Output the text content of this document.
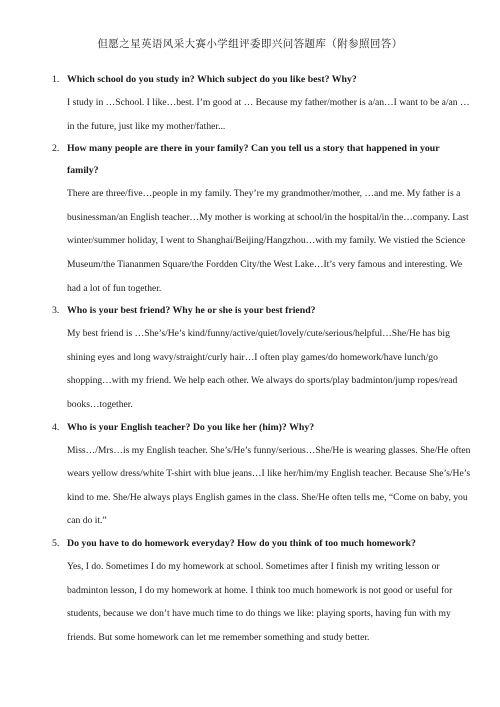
但愿之星英语风采大赛小学组评委即兴问答题库（附参照回答）
1. Which school do you study in? Which subject do you like best? Why?
I study in …School. I like…best. I’m good at … Because my father/mother is a/an…I want to be a/an …in the future, just like my mother/father...
2. How many people are there in your family? Can you tell us a story that happened in your family?
There are three/five…people in my family. They’re my grandmother/mother, …and me. My father is a businessman/an English teacher…My mother is working at school/in the hospital/in the…company. Last winter/summer holiday, I went to Shanghai/Beijing/Hangzhou…with my family. We vistied the Science Museum/the Tiananmen Square/the Fordden City/the West Lake…It’s very famous and interesting. We had a lot of fun together.
3. Who is your best friend? Why he or she is your best friend?
My best friend is …She’s/He’s kind/funny/active/quiet/lovely/cute/serious/helpful…She/He has big shining eyes and long wavy/straight/curly hair…I often play games/do homework/have lunch/go shopping…with my friend. We help each other. We always do sports/play badminton/jump ropes/read books…together.
4. Who is your English teacher? Do you like her (him)? Why?
Miss…/Mrs…is my English teacher. She’s/He’s funny/serious…She/He is wearing glasses. She/He often wears yellow dress/white T-shirt with blue jeans…I like her/him/my English teacher. Because She’s/He’s kind to me. She/He always plays English games in the class. She/He often tells me, “Come on baby, you can do it.”
5. Do you have to do homework everyday? How do you think of too much homework?
Yes, I do. Sometimes I do my homework at school. Sometimes after I finish my writing lesson or badminton lesson, I do my homework at home. I think too much homework is not good or useful for students, because we don’t have much time to do things we like: playing sports, having fun with my friends. But some homework can let me remember something and study better.
